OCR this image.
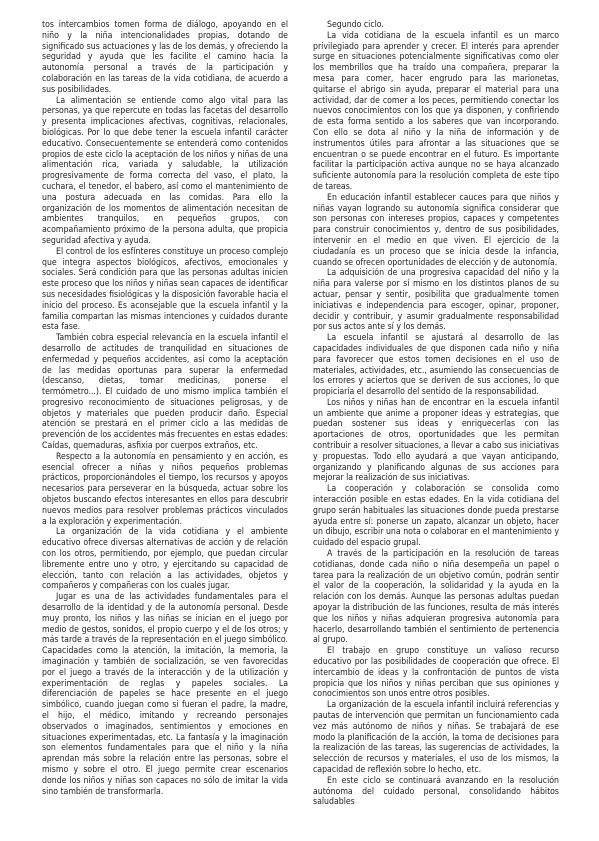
tos intercambios tomen forma de diálogo, apoyando en el niño y la niña intencionalidades propias, dotando de significado sus actuaciones y las de los demás, y ofreciendo la seguridad y ayuda que les facilite el camino hacia la autonomía personal a través de la participación y colaboración en las tareas de la vida cotidiana, de acuerdo a sus posibilidades.

La alimentación se entiende como algo vital para las personas, ya que repercute en todas las facetas del desarrollo y presenta implicaciones afectivas, cognitivas, relacionales, biológicas. Por lo que debe tener la escuela infantil carácter educativo. Consecuentemente se entenderá como contenidos propios de este ciclo la aceptación de los niños y niñas de una alimentación rica, variada y saludable, la utilización progresivamente de forma correcta del vaso, el plato, la cuchara, el tenedor, el babero, así como el mantenimiento de una postura adecuada en las comidas. Para ello la organización de los momentos de alimentación necesitan de ambientes tranquilos, en pequeños grupos, con acompañamiento próximo de la persona adulta, que propicia seguridad afectiva y ayuda.

El control de los esfínteres constituye un proceso complejo que integra aspectos biológicos, afectivos, emocionales y sociales. Será condición para que las personas adultas inicien este proceso que los niños y niñas sean capaces de identificar sus necesidades fisiológicas y la disposición favorable hacia el inicio del proceso. Es aconsejable que la escuela infantil y la familia compartan las mismas intenciones y cuidados durante esta fase.

También cobra especial relevancia en la escuela infantil el desarrollo de actitudes de tranquilidad en situaciones de enfermedad y pequeños accidentes, así como la aceptación de las medidas oportunas para superar la enfermedad (descanso, dietas, tomar medicinas, ponerse el termómetro...). El cuidado de uno mismo implica también el progresivo reconocimiento de situaciones peligrosas, y de objetos y materiales que pueden producir daño. Especial atención se prestará en el primer ciclo a las medidas de prevención de los accidentes más frecuentes en estas edades: Caídas, quemaduras, asfixia por cuerpos extraños, etc.

Respecto a la autonomía en pensamiento y en acción, es esencial ofrecer a niñas y niños pequeños problemas prácticos, proporcionándoles el tiempo, los recursos y apoyos necesarios para perseverar en la búsqueda, actuar sobre los objetos buscando efectos interesantes en ellos para descubrir nuevos medios para resolver problemas prácticos vinculados a la exploración y experimentación.

La organización de la vida cotidiana y el ambiente educativo ofrece diversas alternativas de acción y de relación con los otros, permitiendo, por ejemplo, que puedan circular libremente entre uno y otro, y ejercitando su capacidad de elección, tanto con relación a las actividades, objetos y compañeros y compañeras con los cuales jugar.

Jugar es una de las actividades fundamentales para el desarrollo de la identidad y de la autonomía personal. Desde muy pronto, los niños y las niñas se inician en el juego por medio de gestos, sonidos, el propio cuerpo y el de los otros; y más tarde a través de la representación en el juego simbólico. Capacidades como la atención, la imitación, la memoria, la imaginación y también de socialización, se ven favorecidas por el juego a través de la interacción y de la utilización y experimentación de reglas y papeles sociales. La diferenciación de papeles se hace presente en el juego simbólico, cuando juegan como si fueran el padre, la madre, el hijo, el médico, imitando y recreando personajes observados o imaginados, sentimientos y emociones en situaciones experimentadas, etc. La fantasía y la imaginación son elementos fundamentales para que el niño y la niña aprendan más sobre la relación entre las personas, sobre el mismo y sobre el otro. El juego permite crear escenarios donde los niños y niñas son capaces no sólo de imitar la vida sino también de transformarla.

Segundo ciclo.

La vida cotidiana de la escuela infantil es un marco privilegiado para aprender y crecer. El interés para aprender surge en situaciones potencialmente significativas como oler los membrillos que ha traído una compañera, preparar la mesa para comer, hacer engrudo para las marionetas, quitarse el abrigo sin ayuda, preparar el material para una actividad, dar de comer a los peces, permitiendo conectar los nuevos conocimientos con los que ya disponen, y confiriendo de esta forma sentido a los saberes que van incorporando. Con ello se dota al niño y la niña de información y de instrumentos útiles para afrontar a las situaciones que se encuentran o se puede encontrar en el futuro. Es importante facilitar la participación activa aunque no se haya alcanzado suficiente autonomía para la resolución completa de este tipo de tareas.

En educación infantil establecer cauces para que niños y niñas vayan logrando su autonomía significa considerar que son personas con intereses propios, capaces y competentes para construir conocimientos y, dentro de sus posibilidades, intervenir en el medio en que viven. El ejercicio de la ciudadanía es un proceso que se inicia desde la infancia, cuando se ofrecen oportunidades de elección y de autonomía.

La adquisición de una progresiva capacidad del niño y la niña para valerse por sí mismo en los distintos planos de su actuar, pensar y sentir, posibilita que gradualmente tomen iniciativas e independencia para escoger, opinar, proponer, decidir y contribuir, y asumir gradualmente responsabilidad por sus actos ante sí y los demás.

La escuela infantil se ajustará al desarrollo de las capacidades individuales de que disponen cada niño y niña para favorecer que estos tomen decisiones en el uso de materiales, actividades, etc., asumiendo las consecuencias de los errores y aciertos que se deriven de sus acciones, lo que propiciaría el desarrollo del sentido de la responsabilidad.

Los niños y niñas han de encontrar en la escuela infantil un ambiente que anime a proponer ideas y estrategias, que puedan sostener sus ideas y enriquecerlas con las aportaciones de otros, oportunidades que les permitan contribuir a resolver situaciones, a llevar a cabo sus iniciativas y propuestas. Todo ello ayudará a que vayan anticipando, organizando y planificando algunas de sus acciones para mejorar la realización de sus iniciativas.

La cooperación y colaboración se consolida como interacción posible en estas edades. En la vida cotidiana del grupo serán habituales las situaciones donde pueda prestarse ayuda entre sí: ponerse un zapato, alcanzar un objeto, hacer un dibujo, escribir una nota o colaborar en el mantenimiento y cuidado del espacio grupal.

A través de la participación en la resolución de tareas cotidianas, donde cada niño o niña desempeña un papel o tarea para la realización de un objetivo común, podrán sentir el valor de la cooperación, la solidaridad y la ayuda en la relación con los demás. Aunque las personas adultas puedan apoyar la distribución de las funciones, resulta de más interés que los niños y niñas adquieran progresiva autonomía para hacerlo, desarrollando también el sentimiento de pertenencia al grupo.

El trabajo en grupo constituye un valioso recurso educativo por las posibilidades de cooperación que ofrece. El intercambio de ideas y la confrontación de puntos de vista propicia que los niños y niñas perciban que sus opiniones y conocimientos son unos entre otros posibles.

La organización de la escuela infantil incluirá referencias y pautas de intervención que permitan un funcionamiento cada vez más autónomo de niños y niñas. Se trabajará de ese modo la planificación de la acción, la toma de decisiones para la realización de las tareas, las sugerencias de actividades, la selección de recursos y materiales, el uso de los mismos, la capacidad de reflexión sobre lo hecho, etc.

En este ciclo se continuará avanzando en la resolución autónoma del cuidado personal, consolidando hábitos saludables
